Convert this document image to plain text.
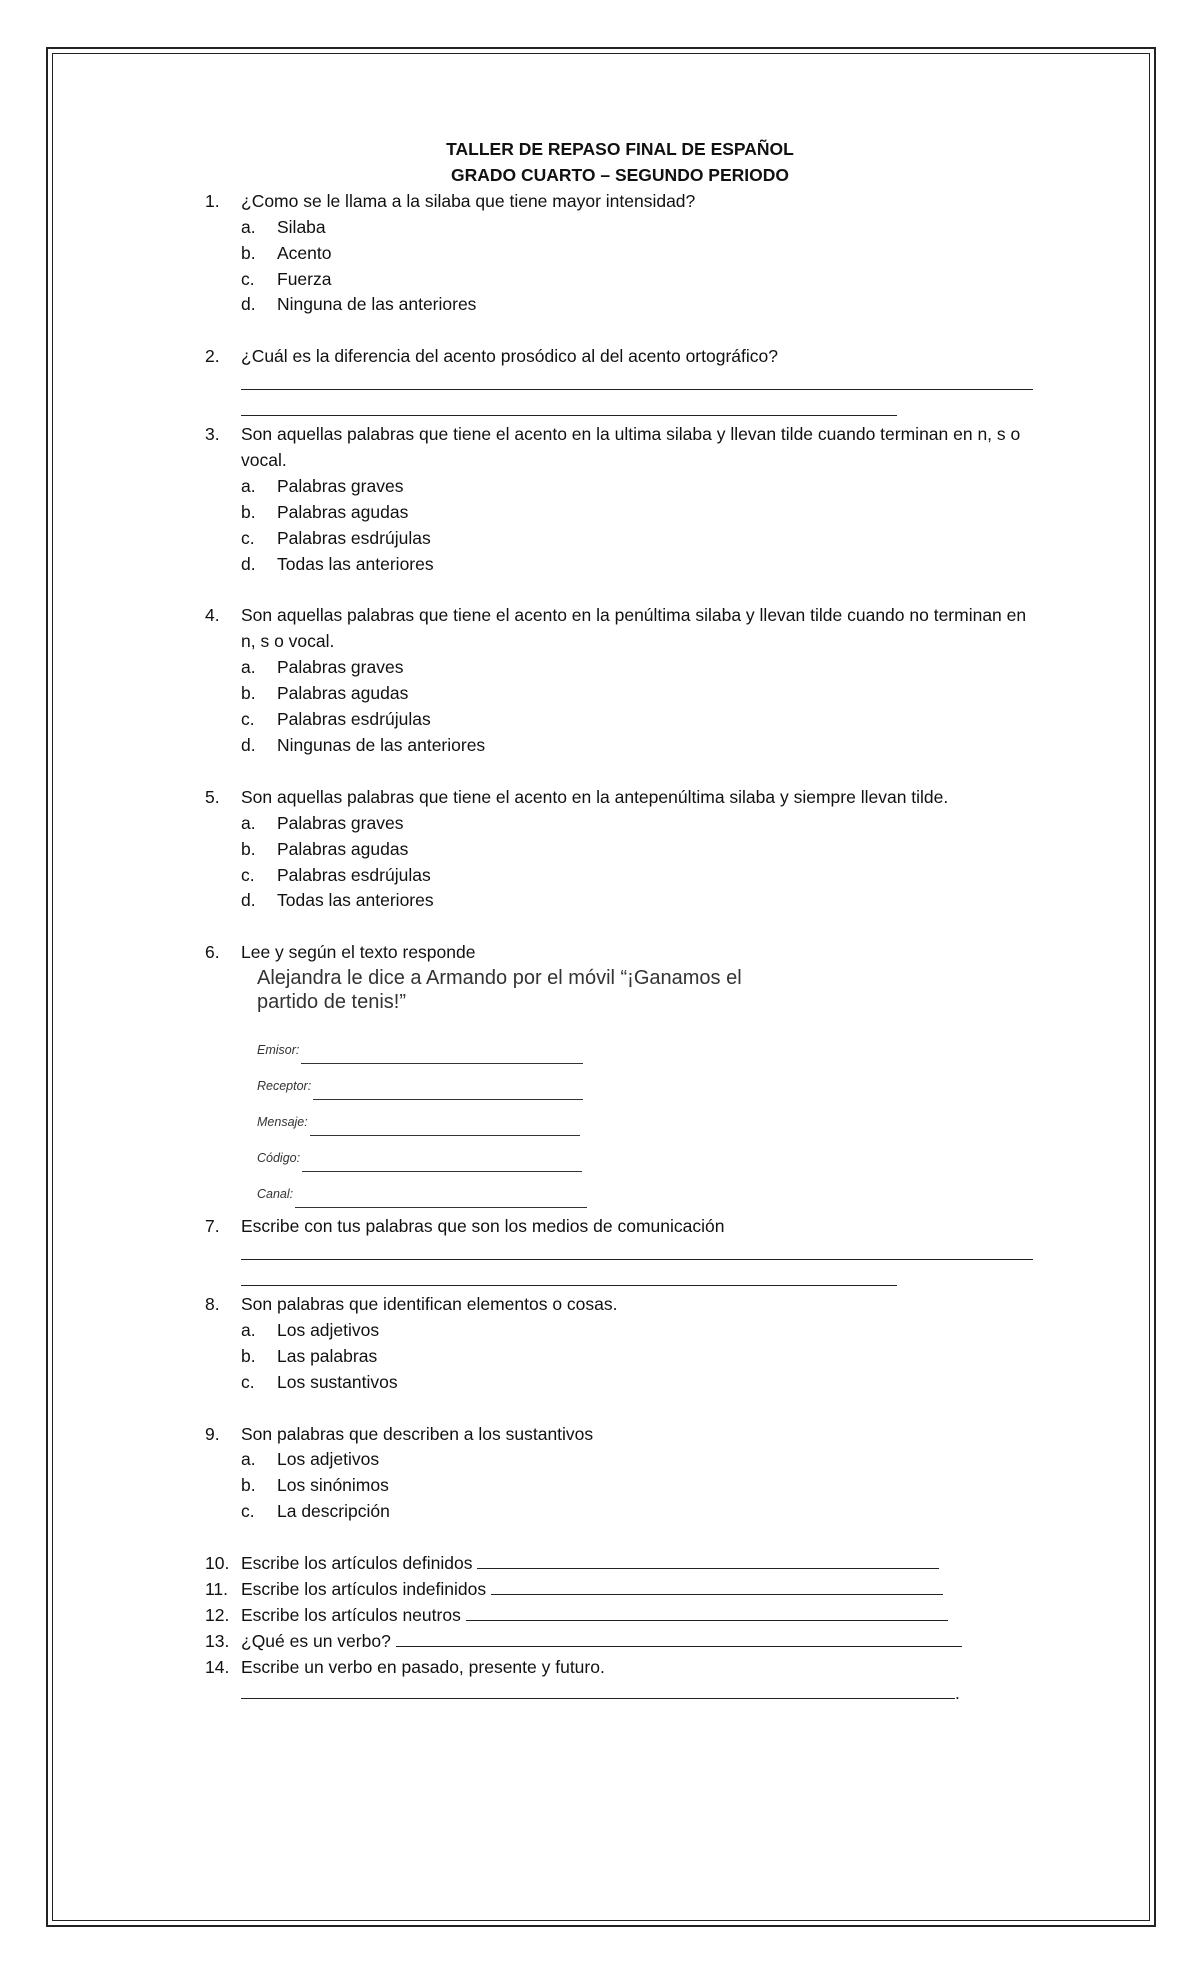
TALLER DE REPASO FINAL DE ESPAÑOL

GRADO CUARTO – SEGUNDO PERIODO

1.	¿Como se le llama a la silaba que tiene mayor intensidad?
a.	Silaba
b.	Acento
c.	Fuerza
d.	Ninguna de las anteriores
2.	¿Cuál es la diferencia del acento prosódico al del acento ortográfico?
3.	Son aquellas palabras que tiene el acento en la ultima silaba y llevan tilde cuando terminan en n, s o vocal.
a.	Palabras graves
b.	Palabras agudas
c.	Palabras esdrújulas
d.	Todas las anteriores
4.	Son aquellas palabras que tiene el acento en la penúltima silaba y llevan tilde cuando no terminan en n, s o vocal.
a.	Palabras graves
b.	Palabras agudas
c.	Palabras esdrújulas
d.	Ningunas de las anteriores
5.	Son aquellas palabras que tiene el acento en la antepenúltima silaba y siempre llevan tilde.
a.	Palabras graves
b.	Palabras agudas
c.	Palabras esdrújulas
d.	Todas las anteriores
6.	Lee y según el texto responde
Alejandra le dice a Armando por el móvil “¡Ganamos el partido de tenis!”
Emisor:
Receptor:
Mensaje:
Código:
Canal:
7.	Escribe con tus palabras que son los medios de comunicación
8.	Son palabras que identifican elementos o cosas.
a.	Los adjetivos
b.	Las palabras
c.	Los sustantivos
9.	Son palabras que describen a los sustantivos
a.	Los adjetivos
b.	Los sinónimos
c.	La descripción
10. Escribe los artículos definidos
11. Escribe los artículos indefinidos
12. Escribe los artículos neutros
13. ¿Qué es un verbo?
14. Escribe un verbo en pasado, presente y futuro.
.
